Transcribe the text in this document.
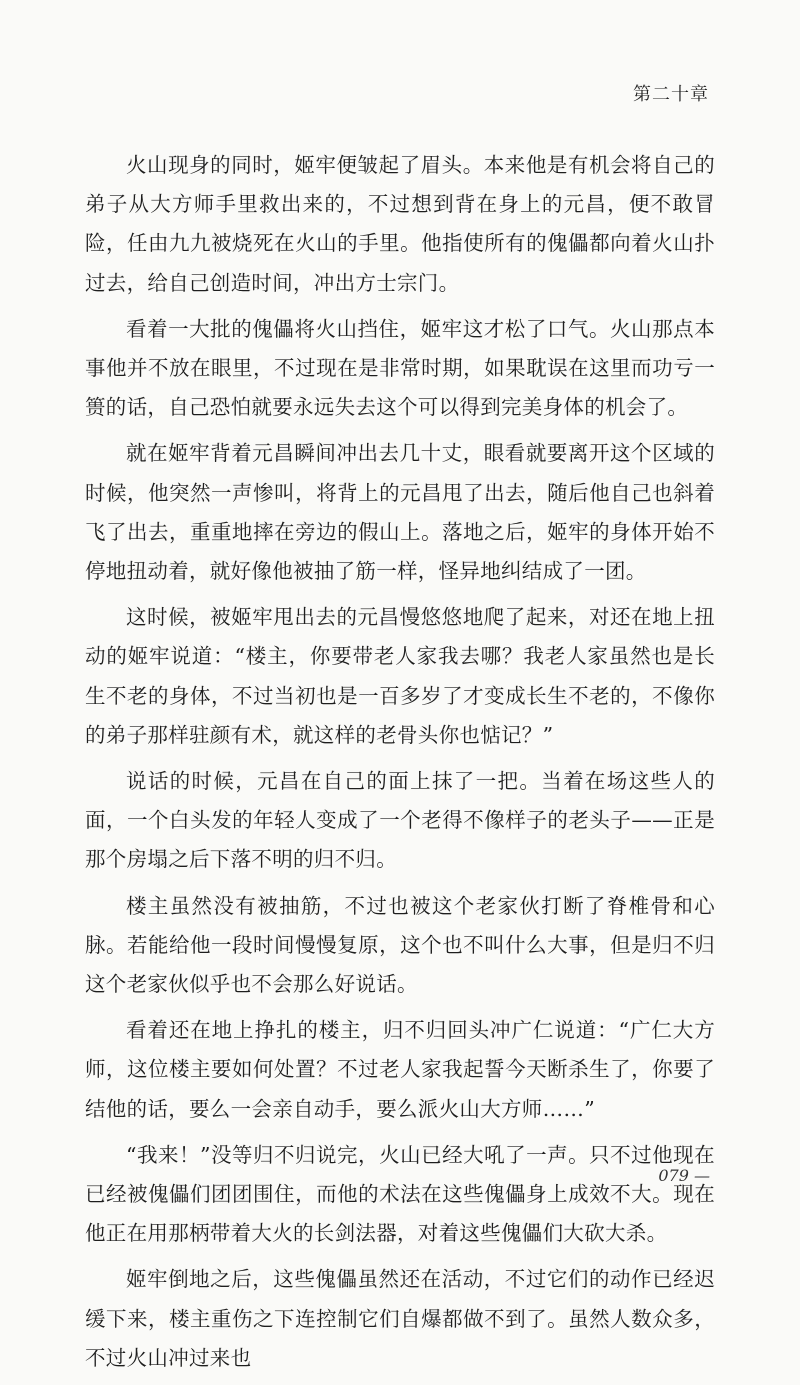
第二十章

火山现身的同时，姬牢便皱起了眉头。本来他是有机会将自己的弟子从大方师手里救出来的，不过想到背在身上的元昌，便不敢冒险，任由九九被烧死在火山的手里。他指使所有的傀儡都向着火山扑过去，给自己创造时间，冲出方士宗门。

看着一大批的傀儡将火山挡住，姬牢这才松了口气。火山那点本事他并不放在眼里，不过现在是非常时期，如果耽误在这里而功亏一篑的话，自己恐怕就要永远失去这个可以得到完美身体的机会了。

就在姬牢背着元昌瞬间冲出去几十丈，眼看就要离开这个区域的时候，他突然一声惨叫，将背上的元昌甩了出去，随后他自己也斜着飞了出去，重重地摔在旁边的假山上。落地之后，姬牢的身体开始不停地扭动着，就好像他被抽了筋一样，怪异地纠结成了一团。

这时候，被姬牢甩出去的元昌慢悠悠地爬了起来，对还在地上扭动的姬牢说道：“楼主，你要带老人家我去哪？我老人家虽然也是长生不老的身体，不过当初也是一百多岁了才变成长生不老的，不像你的弟子那样驻颜有术，就这样的老骨头你也惦记？”

说话的时候，元昌在自己的面上抹了一把。当着在场这些人的面，一个白头发的年轻人变成了一个老得不像样子的老头子——正是那个房塌之后下落不明的归不归。

楼主虽然没有被抽筋，不过也被这个老家伙打断了脊椎骨和心脉。若能给他一段时间慢慢复原，这个也不叫什么大事，但是归不归这个老家伙似乎也不会那么好说话。

看着还在地上挣扎的楼主，归不归回头冲广仁说道：“广仁大方师，这位楼主要如何处置？不过老人家我起誓今天断杀生了，你要了结他的话，要么一会亲自动手，要么派火山大方师……”

“我来！”没等归不归说完，火山已经大吼了一声。只不过他现在已经被傀儡们团团围住，而他的术法在这些傀儡身上成效不大。现在他正在用那柄带着大火的长剑法器，对着这些傀儡们大砍大杀。

姬牢倒地之后，这些傀儡虽然还在活动，不过它们的动作已经迟缓下来，楼主重伤之下连控制它们自爆都做不到了。虽然人数众多，不过火山冲过来也

079 —
